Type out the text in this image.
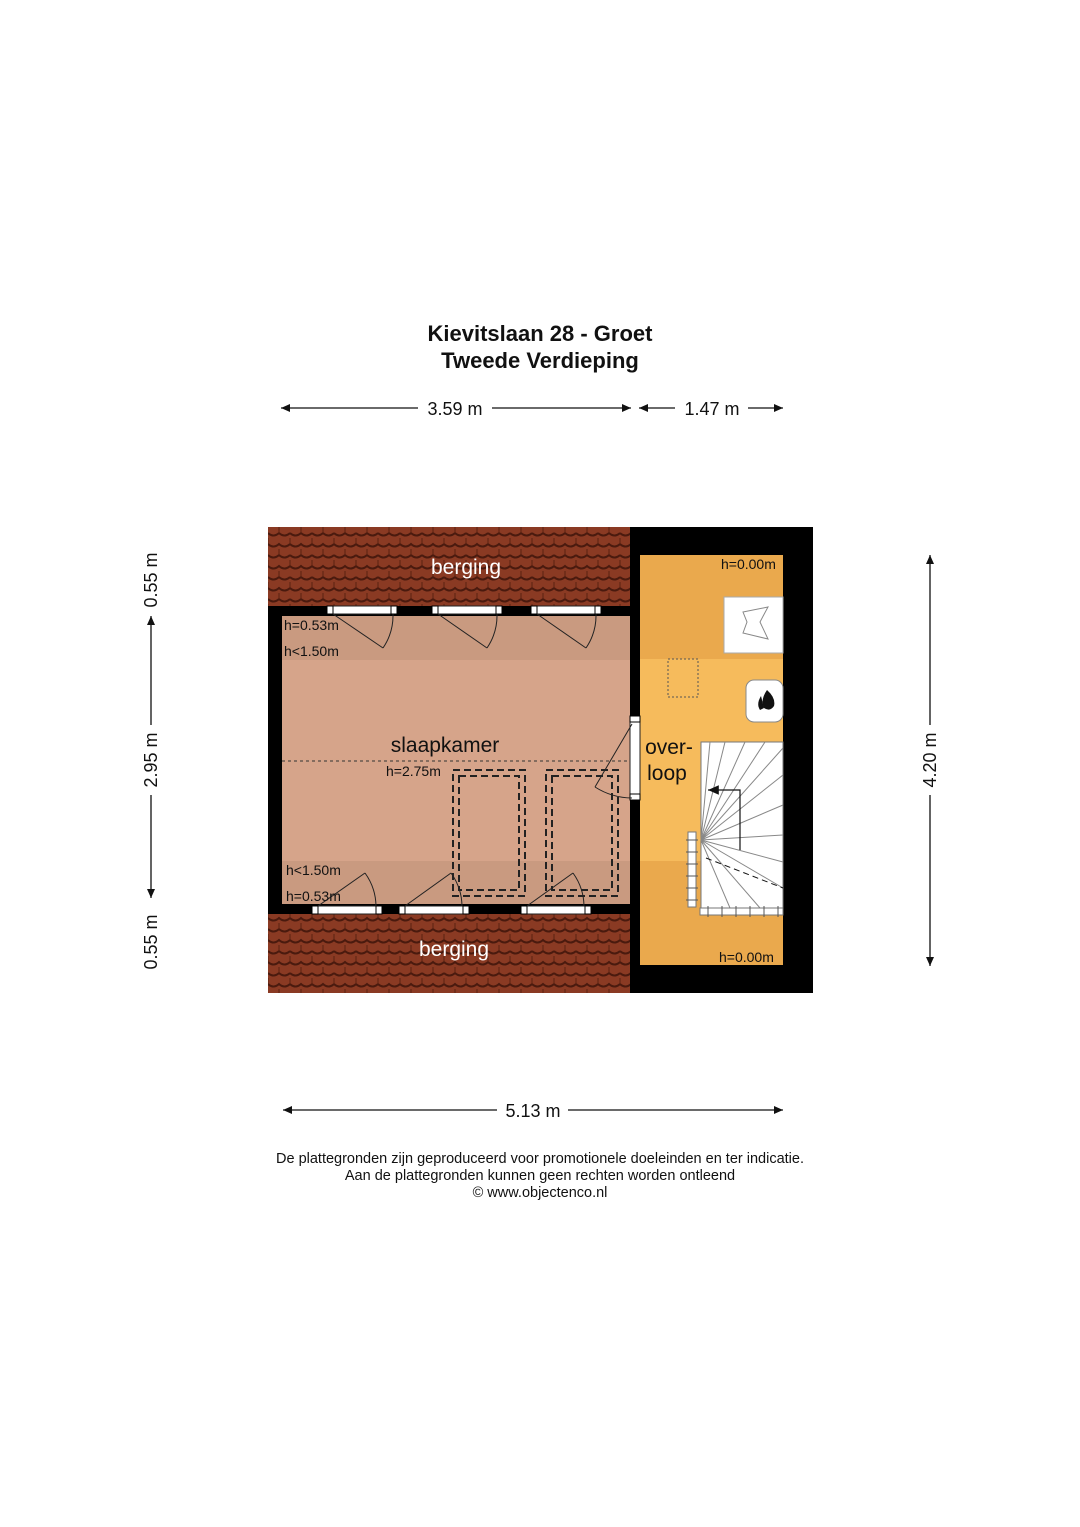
Kievitslaan 28 - Groet
Tweede Verdieping
3.59 m	1.47 m
5.13 m
0.55 m
2.95 m
0.55 m
4.20 m
berging
berging
slaapkamer	over-
loop
h=0.53m
h<1.50m
h=2.75m
h<1.50m
h=0.53m
h=0.00m
h=0.00m
De plattegronden zijn geproduceerd voor promotionele doeleinden en ter indicatie.
Aan de plattegronden kunnen geen rechten worden ontleend
© www.objectenco.nl
